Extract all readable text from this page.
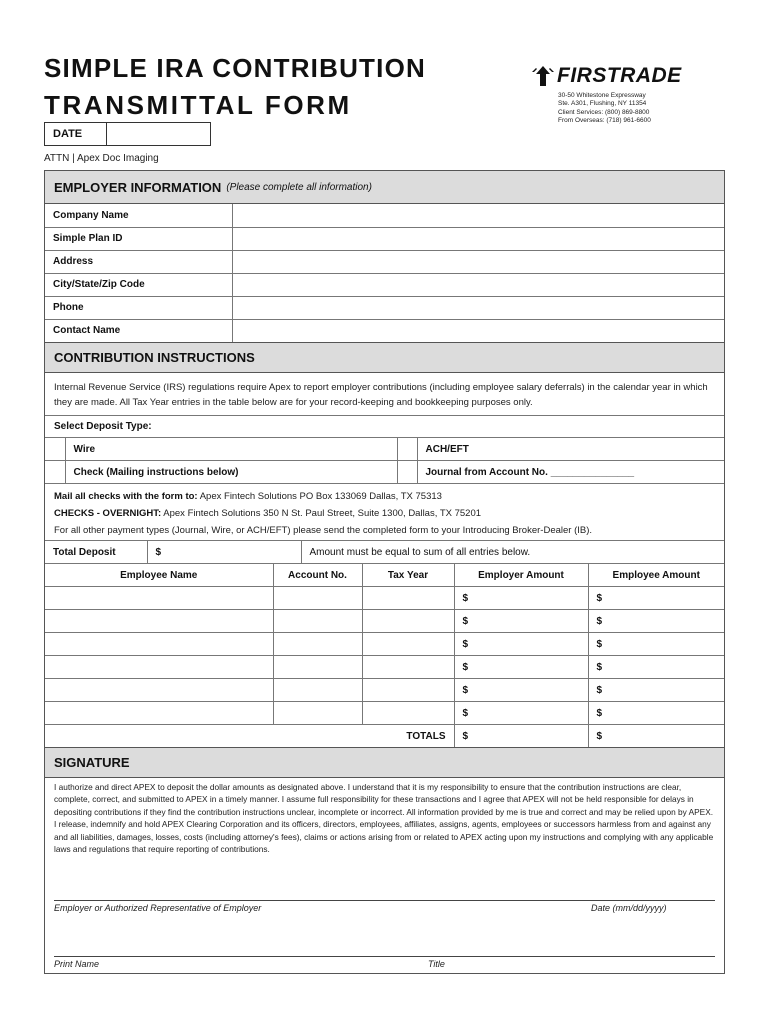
SIMPLE IRA CONTRIBUTION
TRANSMITTAL FORM
FIRSTRADE
30-50 Whitestone Expressway
Ste. A301, Flushing, NY 11354
Client Services: (800) 869-8800
From Overseas: (718) 961-6600
DATE
ATTN | Apex Doc Imaging
EMPLOYER INFORMATION (Please complete all information)
Company Name	
Simple Plan ID	
Address	
City/State/Zip Code	
Phone	
Contact Name	
CONTRIBUTION INSTRUCTIONS
Internal Revenue Service (IRS) regulations require Apex to report employer contributions (including employee salary deferrals) in the calendar year in which they are made. All Tax Year entries in the table below are for your record-keeping and bookkeeping purposes only.
Select Deposit Type:
	Wire		ACH/EFT
	Check (Mailing instructions below)		Journal from Account No. _______________
Mail all checks with the form to: Apex Fintech Solutions PO Box 133069 Dallas, TX 75313
CHECKS - OVERNIGHT: Apex Fintech Solutions 350 N St. Paul Street, Suite 1300, Dallas, TX 75201
For all other payment types (Journal, Wire, or ACH/EFT) please send the completed form to your Introducing Broker-Dealer (IB).
Total Deposit	$	Amount must be equal to sum of all entries below.
Employee Name	Account No.	Tax Year	Employer Amount	Employee Amount
			$	$
			$	$
			$	$
			$	$
			$	$
			$	$
TOTALS			$	$
SIGNATURE
I authorize and direct APEX to deposit the dollar amounts as designated above. I understand that it is my responsibility to ensure that the contribution instructions are clear, complete, correct, and submitted to APEX in a timely manner. I assume full responsibility for these transactions and I agree that APEX will not be held responsible for delays in depositing contributions if they find the contribution instructions unclear, incomplete or incorrect. All information provided by me is true and correct and may be relied upon by APEX. I release, indemnify and hold APEX Clearing Corporation and its officers, directors, employees, affiliates, assigns, agents, employees or successors harmless from and against any and all liabilities, damages, losses, costs (including attorney's fees), claims or actions arising from or related to APEX acting upon my instructions and complying with any applicable laws and regulations that require reporting of contributions.
Employer or Authorized Representative of Employer	Date (mm/dd/yyyy)
Print Name	Title
